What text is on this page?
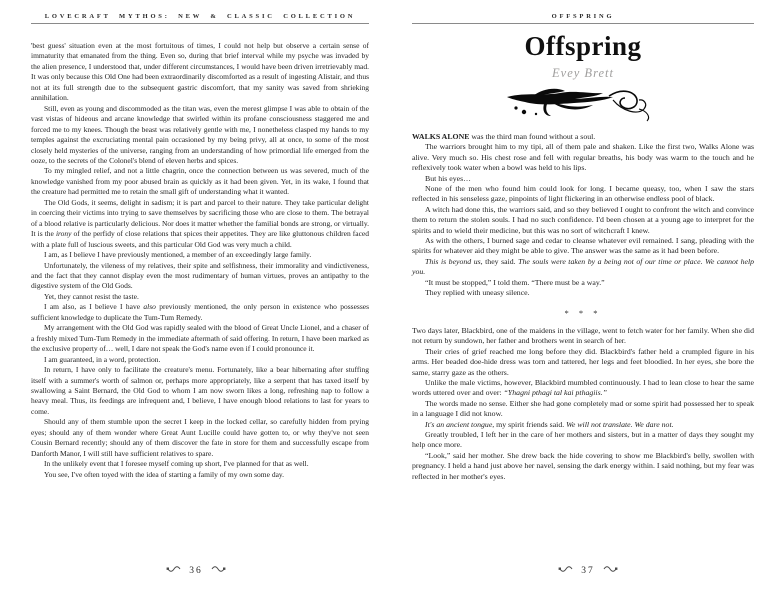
LOVECRAFT MYTHOS: NEW & CLASSIC COLLECTION

'best guess' situation even at the most fortuitous of times, I could not help but observe a certain sense of immaturity that emanated from the thing. Even so, during that brief interval while my psyche was invaded by the alien presence, I understood that, under different circumstances, I would have been driven irretrievably mad. It was only because this Old One had been extraordinarily discomforted as a result of ingesting Alistair, and thus not at its full strength due to the subsequent gastric discomfort, that my sanity was saved from shrieking annihilation.

Still, even as young and discommoded as the titan was, even the merest glimpse I was able to obtain of the vast vistas of hideous and arcane knowledge that swirled within its profane consciousness staggered me and forced me to my knees. Though the beast was relatively gentle with me, I nonetheless clasped my hands to my temples against the excruciating mental pain occasioned by my being privy, all at once, to some of the most closely held mysteries of the universe, ranging from an understanding of how primordial life emerged from the ooze, to the secrets of the Colonel's blend of eleven herbs and spices.

To my mingled relief, and not a little chagrin, once the connection between us was severed, much of the knowledge vanished from my poor abused brain as quickly as it had been given. Yet, in its wake, I found that the creature had permitted me to retain the small gift of understanding what it wanted.

The Old Gods, it seems, delight in sadism; it is part and parcel to their nature. They take particular delight in coercing their victims into trying to save themselves by sacrificing those who are close to them. The betrayal of a blood relative is particularly delicious. Nor does it matter whether the familial bonds are strong, or virtually. It is the irony of the perfidy of close relations that spices their appetites. They are like gluttonous children faced with a plate full of luscious sweets, and this particular Old God was very much a child.

I am, as I believe I have previously mentioned, a member of an exceedingly large family.

Unfortunately, the vileness of my relatives, their spite and selfishness, their immorality and vindictiveness, and the fact that they cannot display even the most rudimentary of human virtues, proves an antipathy to the digestive system of the Old Gods.

Yet, they cannot resist the taste.

I am also, as I believe I have also previously mentioned, the only person in existence who possesses sufficient knowledge to duplicate the Tum-Tum Remedy.

My arrangement with the Old God was rapidly sealed with the blood of Great Uncle Lionel, and a chaser of a freshly mixed Tum-Tum Remedy in the immediate aftermath of said offering. In return, I have been marked as the exclusive property of… well, I dare not speak the God's name even if I could pronounce it.

I am guaranteed, in a word, protection.

In return, I have only to facilitate the creature's menu. Fortunately, like a bear hibernating after stuffing itself with a summer's worth of salmon or, perhaps more appropriately, like a serpent that has taxed itself by swallowing a Saint Bernard, the Old God to whom I am now sworn likes a long, refreshing nap to follow a heavy meal. Thus, its feedings are infrequent and, I believe, I have enough blood relations to last for years to come.

Should any of them stumble upon the secret I keep in the locked cellar, so carefully hidden from prying eyes; should any of them wonder where Great Aunt Lucille could have gotten to, or why they've not seen Cousin Bernard recently; should any of them discover the fate in store for them and successfully escape from Danforth Manor, I will still have sufficient relatives to spare.

In the unlikely event that I foresee myself coming up short, I've planned for that as well.

You see, I've often toyed with the idea of starting a family of my own some day.

36
OFFSPRING
Offspring
Evey Brett

WALKS ALONE was the third man found without a soul.

The warriors brought him to my tipi, all of them pale and shaken. Like the first two, Walks Alone was alive. Very much so. His chest rose and fell with regular breaths, his body was warm to the touch and he reflexively took water when a bowl was held to his lips.

But his eyes…

None of the men who found him could look for long. I became queasy, too, when I saw the stars reflected in his senseless gaze, pinpoints of light flickering in an otherwise endless pool of black.

A witch had done this, the warriors said, and so they believed I ought to confront the witch and convince them to return the stolen souls. I had no such confidence. I'd been chosen at a young age to interpret for the spirits and to wield their medicine, but this was no sort of witchcraft I knew.

As with the others, I burned sage and cedar to cleanse whatever evil remained. I sang, pleading with the spirits for whatever aid they might be able to give. The answer was the same as it had been before.

This is beyond us, they said. The souls were taken by a being not of our time or place. We cannot help you.

“It must be stopped,” I told them. “There must be a way.”

They replied with uneasy silence.

* * *

Two days later, Blackbird, one of the maidens in the village, went to fetch water for her family. When she did not return by sundown, her father and brothers went in search of her.

Their cries of grief reached me long before they did. Blackbird's father held a crumpled figure in his arms. Her beaded doe-hide dress was torn and tattered, her legs and feet bloodied. In her eyes, she bore the same, starry gaze as the others.

Unlike the male victims, however, Blackbird mumbled continuously. I had to lean close to hear the same words uttered over and over: “Yhagni pthagi tal kai pthagiis.”

The words made no sense. Either she had gone completely mad or some spirit had possessed her to speak in a language I did not know.

It's an ancient tongue, my spirit friends said. We will not translate. We dare not.

Greatly troubled, I left her in the care of her mothers and sisters, but in a matter of days they sought my help once more.

“Look,” said her mother. She drew back the hide covering to show me Blackbird's belly, swollen with pregnancy. I held a hand just above her navel, sensing the dark energy within. I said nothing, but my fear was reflected in her mother's eyes.

37
